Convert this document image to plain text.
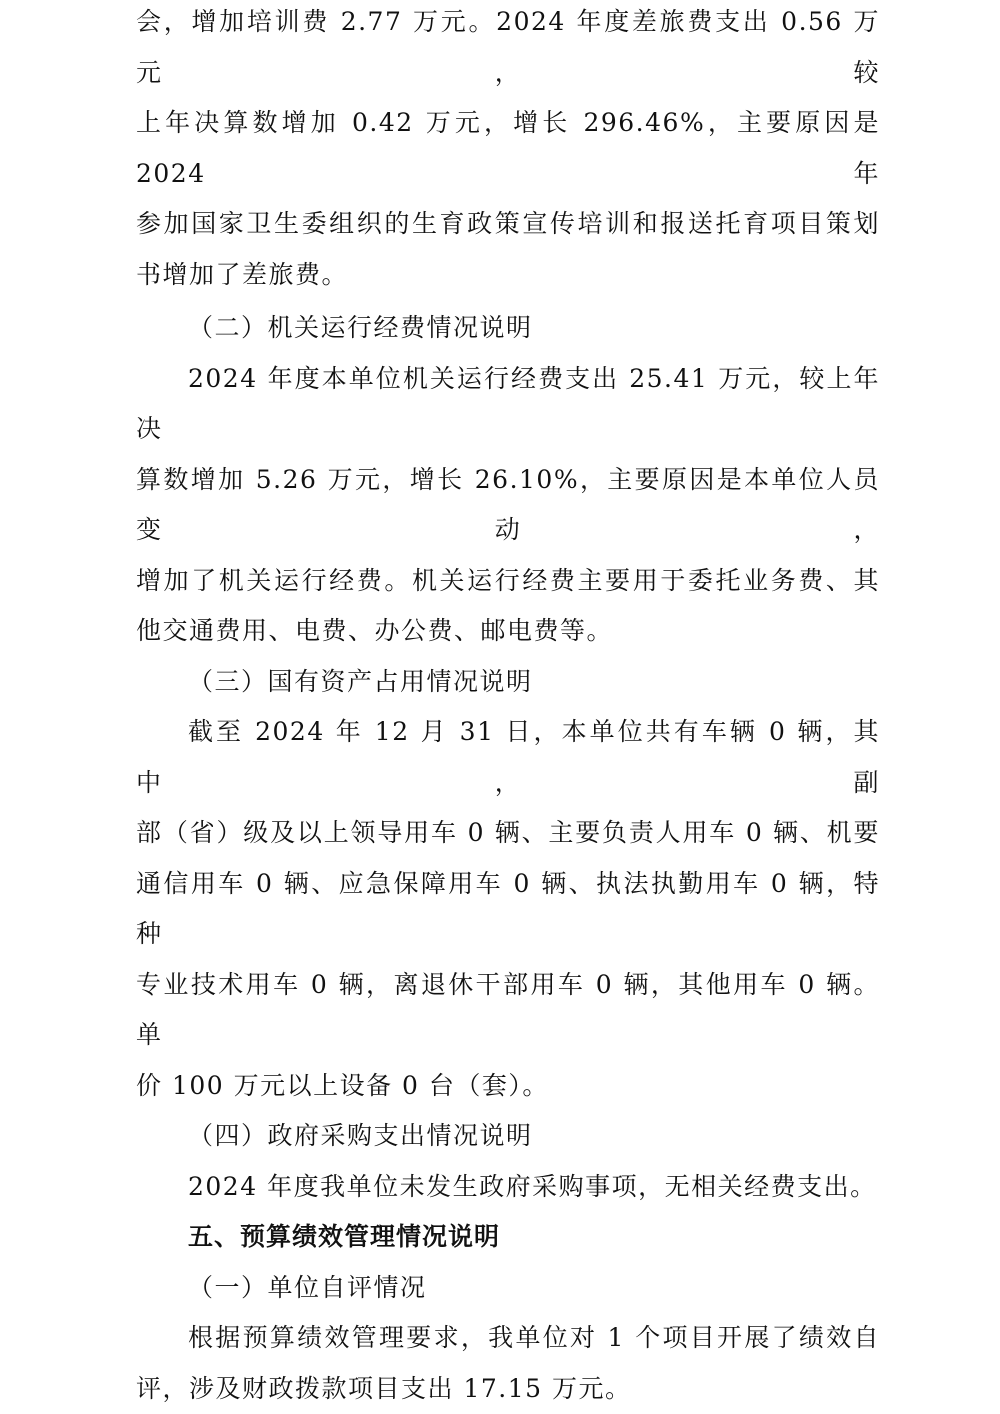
会，增加培训费 2.77 万元。2024 年度差旅费支出 0.56 万元，较

上年决算数增加 0.42 万元，增长 296.46%，主要原因是 2024 年

参加国家卫生委组织的生育政策宣传培训和报送托育项目策划

书增加了差旅费。

（二）机关运行经费情况说明

2024 年度本单位机关运行经费支出 25.41 万元，较上年决

算数增加 5.26 万元，增长 26.10%，主要原因是本单位人员变动，

增加了机关运行经费。机关运行经费主要用于委托业务费、其

他交通费用、电费、办公费、邮电费等。

（三）国有资产占用情况说明

截至 2024 年 12 月 31 日，本单位共有车辆 0 辆，其中，副

部（省）级及以上领导用车 0 辆、主要负责人用车 0 辆、机要

通信用车 0 辆、应急保障用车 0 辆、执法执勤用车 0 辆，特种

专业技术用车 0 辆，离退休干部用车 0 辆，其他用车 0 辆。单

价 100 万元以上设备 0 台（套）。

（四）政府采购支出情况说明

2024 年度我单位未发生政府采购事项，无相关经费支出。

五、预算绩效管理情况说明

（一）单位自评情况

根据预算绩效管理要求，我单位对 1 个项目开展了绩效自

评，涉及财政拨款项目支出 17.15 万元。
